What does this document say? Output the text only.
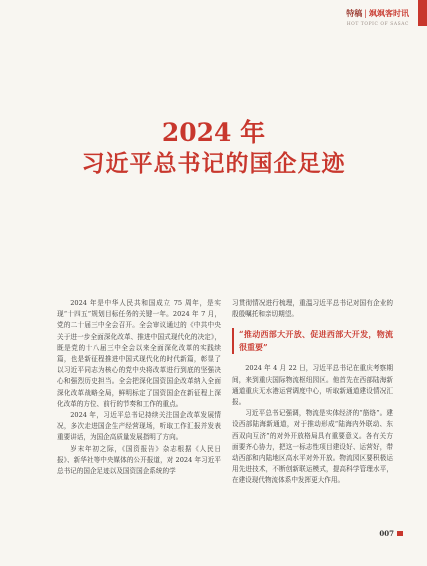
特稿 | 飒飒客时讯
HOT TOPIC OF SASAC
2024 年
习近平总书记的国企足迹

2024 年是中华人民共和国成立 75 周年，是实现“十四五”规划目标任务的关键一年。2024 年 7 月，党的二十届三中全会召开。全会审议通过的《中共中央关于进一步全面深化改革、推进中国式现代化的决定》，既是党的十八届三中全会以来全面深化改革的实践续篇，也是新征程推进中国式现代化的时代新篇，彰显了以习近平同志为核心的党中央将改革进行到底的坚强决心和强烈历史担当。全会把深化国资国企改革纳入全面深化改革战略全局，鲜明标定了国资国企在新征程上深化改革的方位、前行的节奏和工作的重点。

2024 年，习近平总书记持续关注国企改革发展情况，多次走进国企生产经营现场，听取工作汇报并发表重要讲话，为国企高质量发展指明了方向。

岁末年初之际，《国资报告》杂志根据《人民日报》、新华社等中央媒体的公开报道，对 2024 年习近平总书记的国企足迹以及国资国企系统的学

习贯彻情况进行梳理，重温习近平总书记对国有企业的殷殷嘱托和亲切期望。

“推动西部大开放、促进西部大开发，物流很重要”

2024 年 4 月 22 日，习近平总书记在重庆考察期间，来到重庆国际物流枢纽园区。他首先在西部陆海新通道重庆无水港运营调度中心，听取新通道建设情况汇报。

习近平总书记强调，物流是实体经济的“筋络”。建设西部陆海新通道，对于推动形成“陆海内外联动、东西双向互济”的对外开放格局具有重要意义。各有关方面要齐心协力，把这一标志性项目建设好、运营好，带动西部和内陆地区高水平对外开放。物流园区要积极运用先进技术，不断创新联运模式，提高科学管理水平，在建设现代物流体系中发挥更大作用。

007
